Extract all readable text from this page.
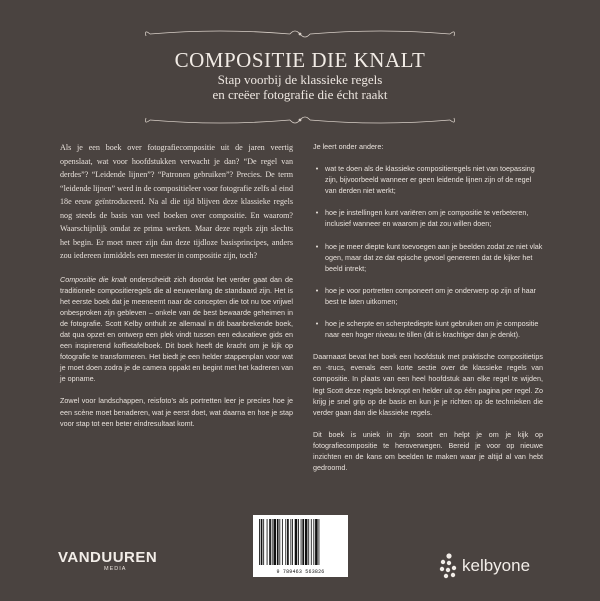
COMPOSITIE DIE KNALT
Stap voorbij de klassieke regels
en creëer fotografie die écht raakt

Als je een boek over fotografiecompositie uit de jaren veertig openslaat, wat voor hoofdstukken verwacht je dan? “De regel van derdes”? “Leidende lijnen”? “Patronen gebruiken”? Precies. De term “leidende lijnen” werd in de compositieleer voor fotografie zelfs al eind 18e eeuw geïntroduceerd. Na al die tijd blijven deze klassieke regels nog steeds de basis van veel boeken over compositie. En waarom? Waarschijnlijk omdat ze prima werken. Maar deze regels zijn slechts het begin. Er moet meer zijn dan deze tijdloze basisprincipes, anders zou iedereen inmiddels een meester in compositie zijn, toch?

Compositie die knalt onderscheidt zich doordat het verder gaat dan de traditionele compositieregels die al eeuwenlang de standaard zijn. Het is het eerste boek dat je meeneemt naar de concepten die tot nu toe vrijwel onbesproken zijn gebleven – onkele van de best bewaarde geheimen in de fotografie. Scott Kelby onthult ze allemaal in dit baanbrekende boek, dat qua opzet en ontwerp een plek vindt tussen een educatieve gids en een inspirerend koffietafelboek. Dit boek heeft de kracht om je kijk op fotografie te transformeren. Het biedt je een helder stappenplan voor wat je moet doen zodra je de camera oppakt en begint met het kadreren van je opname.

Zowel voor landschappen, reisfoto’s als portretten leer je precies hoe je een scène moet benaderen, wat je eerst doet, wat daarna en hoe je stap voor stap tot een beter eindresultaat komt.

Je leert onder andere:

• wat te doen als de klassieke compositieregels niet van toepassing zijn, bijvoorbeeld wanneer er geen leidende lijnen zijn of de regel van derden niet werkt;
• hoe je instellingen kunt variëren om je compositie te verbeteren, inclusief wanneer en waarom je dat zou willen doen;
• hoe je meer diepte kunt toevoegen aan je beelden zodat ze niet vlak ogen, maar dat ze dat epische gevoel genereren dat de kijker het beeld intrekt;
• hoe je voor portretten componeert om je onderwerp op zijn of haar best te laten uitkomen;
• hoe je scherpte en scherptediepte kunt gebruiken om je compositie naar een hoger niveau te tillen (dit is krachtiger dan je denkt).

Daarnaast bevat het boek een hoofdstuk met praktische compositietips en -trucs, evenals een korte sectie over de klassieke regels van compositie. In plaats van een heel hoofdstuk aan elke regel te wijden, legt Scott deze regels beknopt en helder uit op één pagina per regel. Zo krijg je snel grip op de basis en kun je je richten op de technieken die verder gaan dan die klassieke regels.

Dit boek is uniek in zijn soort en helpt je om je kijk op fotografiecompositie te heroverwegen. Bereid je voor op nieuwe inzichten en de kans om beelden te maken waar je altijd al van hebt gedroomd.

9 789463 563826
VANDUUREN
MEDIA	kelbyone
